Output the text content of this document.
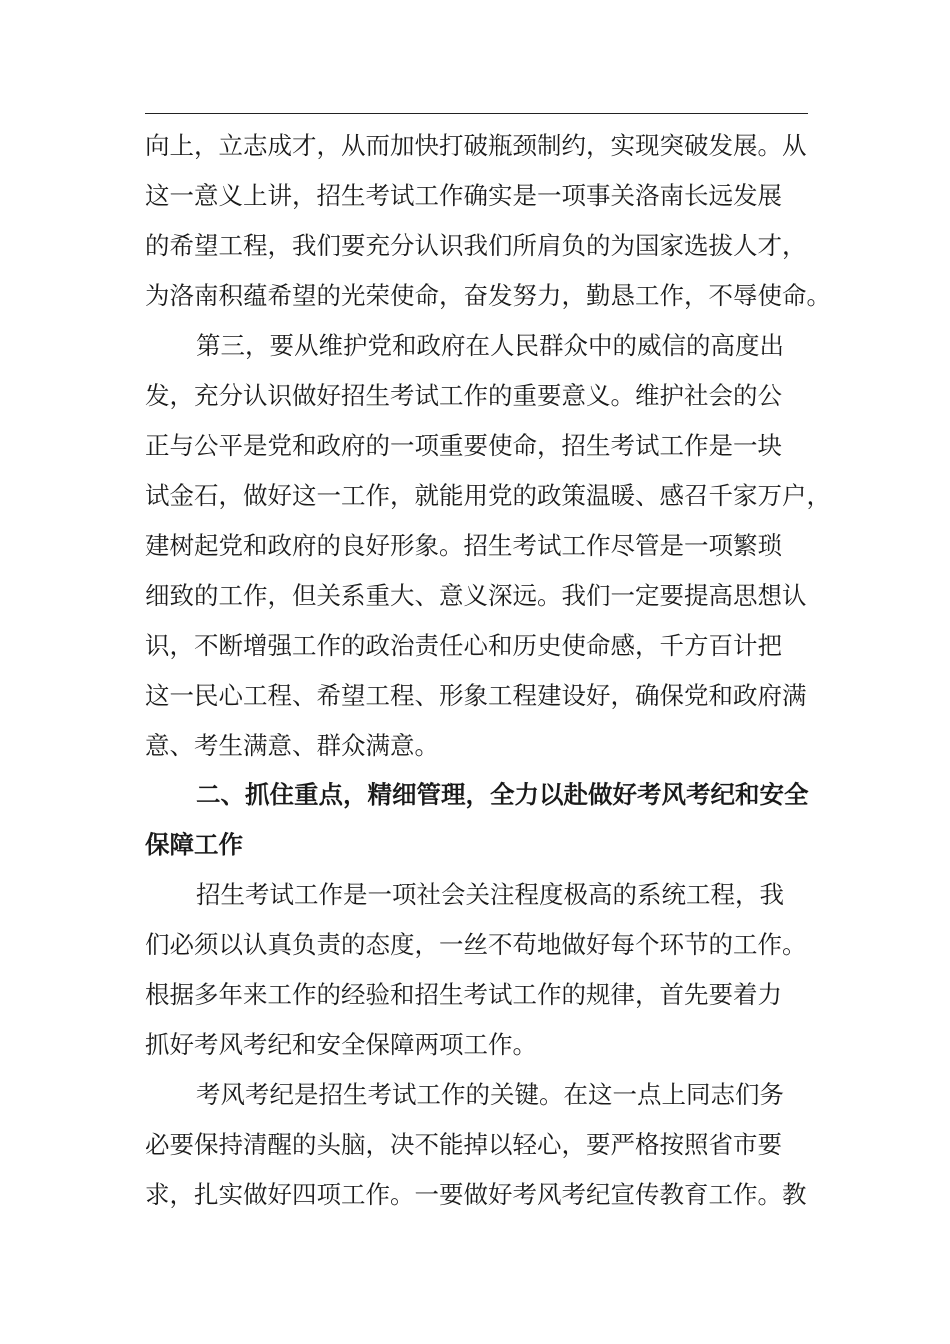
向上，立志成才，从而加快打破瓶颈制约，实现突破发展。从
这一意义上讲，招生考试工作确实是一项事关洛南长远发展
的希望工程，我们要充分认识我们所肩负的为国家选拔人才，
为洛南积蕴希望的光荣使命，奋发努力，勤恳工作，不辱使命。
第三，要从维护党和政府在人民群众中的威信的高度出
发，充分认识做好招生考试工作的重要意义。维护社会的公
正与公平是党和政府的一项重要使命，招生考试工作是一块
试金石，做好这一工作，就能用党的政策温暖、感召千家万户，
建树起党和政府的良好形象。招生考试工作尽管是一项繁琐
细致的工作，但关系重大、意义深远。我们一定要提高思想认
识，不断增强工作的政治责任心和历史使命感，千方百计把
这一民心工程、希望工程、形象工程建设好，确保党和政府满
意、考生满意、群众满意。
二、抓住重点，精细管理，全力以赴做好考风考纪和安全
保障工作
招生考试工作是一项社会关注程度极高的系统工程，我
们必须以认真负责的态度，一丝不苟地做好每个环节的工作。
根据多年来工作的经验和招生考试工作的规律，首先要着力
抓好考风考纪和安全保障两项工作。
考风考纪是招生考试工作的关键。在这一点上同志们务
必要保持清醒的头脑，决不能掉以轻心，要严格按照省市要
求，扎实做好四项工作。一要做好考风考纪宣传教育工作。教
